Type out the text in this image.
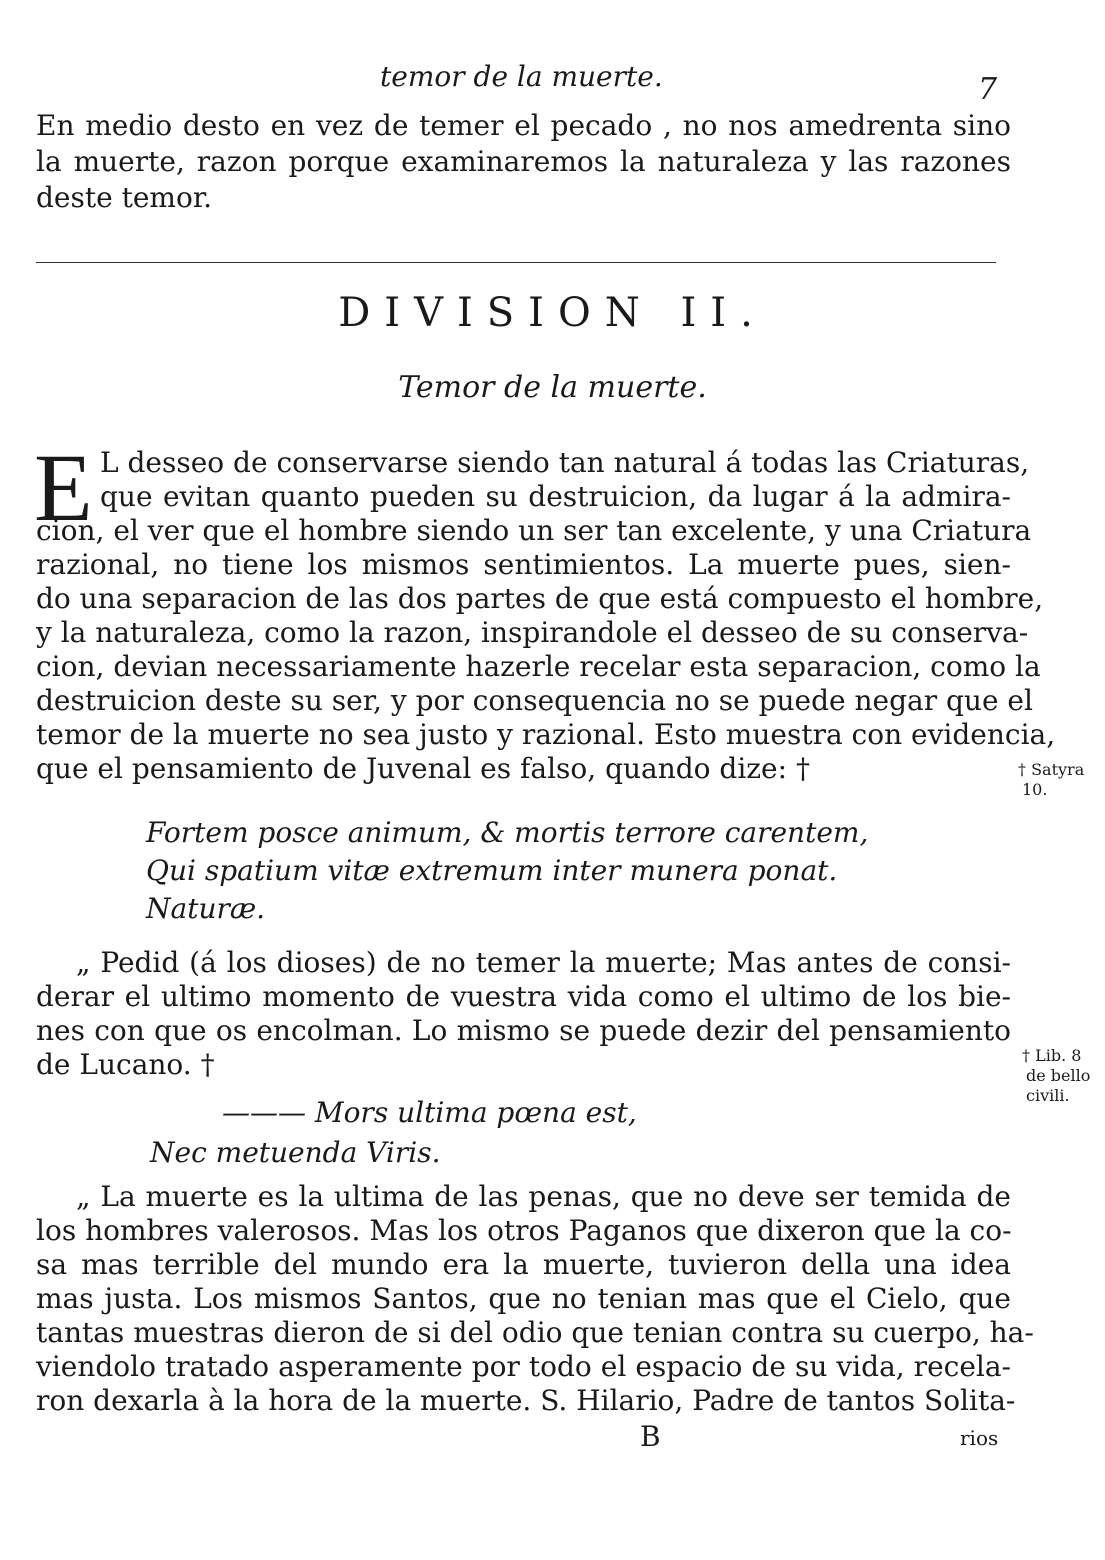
temor de la muerte.	7
En medio desto en vez de temer el pecado , no nos amedrenta sino la muerte, razon porque examinaremos la naturaleza y las razones deste temor.
DIVISION II.
Temor de la muerte.
E L desseo de conservarse siendo tan natural á todas las Criaturas,
que evitan quanto pueden su destruicion, da lugar á la admira-
cion, el ver que el hombre siendo un ser tan excelente, y una Criatura
razional, no tiene los mismos sentimientos. La muerte pues, sien-
do una separacion de las dos partes de que está compuesto el hombre,
y la naturaleza, como la razon, inspirandole el desseo de su conserva-
cion, devian necessariamente hazerle recelar esta separacion, como la
destruicion deste su ser, y por consequencia no se puede negar que el
temor de la muerte no sea justo y razional. Esto muestra con evidencia,
que el pensamiento de Juvenal es falso, quando dize: †	† Satyra
10.
Fortem posce animum, & mortis terrore carentem,
Qui spatium vitæ extremum inter munera ponat.
Naturæ.
„ Pedid (á los dioses) de no temer la muerte; Mas antes de consi-
derar el ultimo momento de vuestra vida como el ultimo de los bie-
nes con que os encolman. Lo mismo se puede dezir del pensamiento
de Lucano. †	† Lib. 8
de bello
civili.
——— Mors ultima pœna est,
Nec metuenda Viris.
„ La muerte es la ultima de las penas, que no deve ser temida de
los hombres valerosos. Mas los otros Paganos que dixeron que la co-
sa mas terrible del mundo era la muerte, tuvieron della una idea
mas justa. Los mismos Santos, que no tenian mas que el Cielo, que
tantas muestras dieron de si del odio que tenian contra su cuerpo, ha-
viendolo tratado asperamente por todo el espacio de su vida, recela-
ron dexarla à la hora de la muerte. S. Hilario, Padre de tantos Solita-
B	rios
